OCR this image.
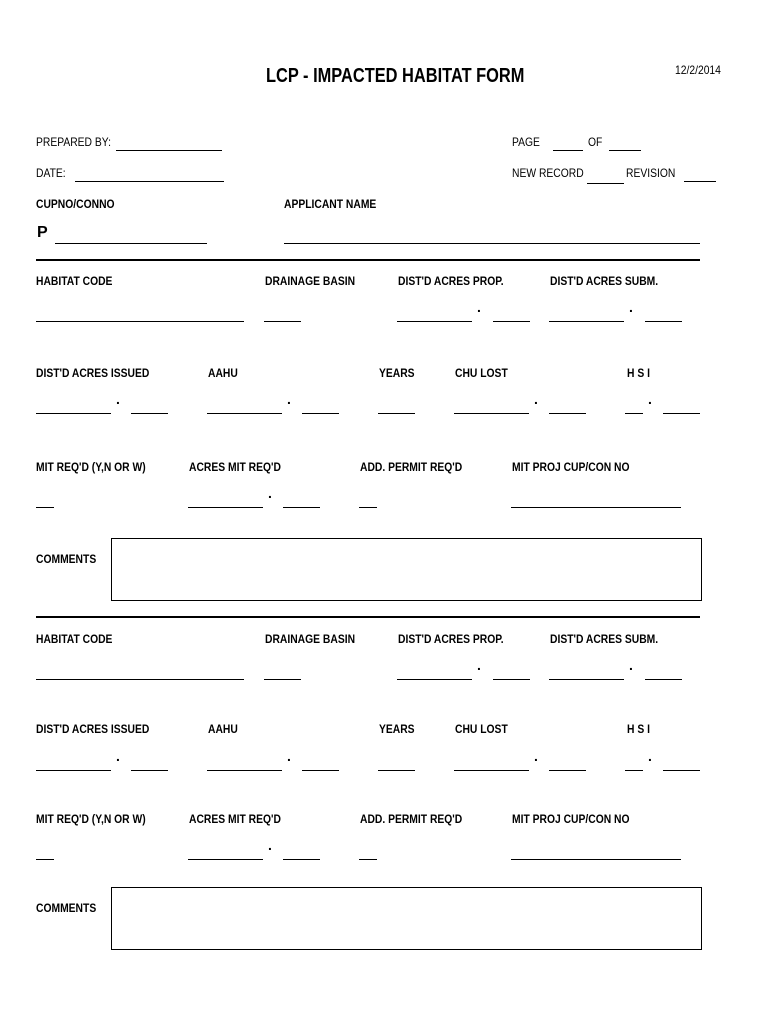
LCP - IMPACTED HABITAT FORM	12/2/2014
PREPARED BY:
DATE:
PAGE	OF
NEW RECORD	REVISION
CUPNO/CONNO
P
APPLICANT NAME
HABITAT CODE	DRAINAGE BASIN	DIST'D ACRES PROP.	DIST'D ACRES SUBM.
.	.
DIST'D ACRES ISSUED	AAHU	YEARS	CHU LOST	H S I
.	.	.	.
MIT REQ'D (Y,N OR W)	ACRES MIT REQ'D	ADD. PERMIT REQ'D	MIT PROJ CUP/CON NO
.
COMMENTS
HABITAT CODE	DRAINAGE BASIN	DIST'D ACRES PROP.	DIST'D ACRES SUBM.
.	.
DIST'D ACRES ISSUED	AAHU	YEARS	CHU LOST	H S I
.	.	.	.
MIT REQ'D (Y,N OR W)	ACRES MIT REQ'D	ADD. PERMIT REQ'D	MIT PROJ CUP/CON NO
.
COMMENTS
